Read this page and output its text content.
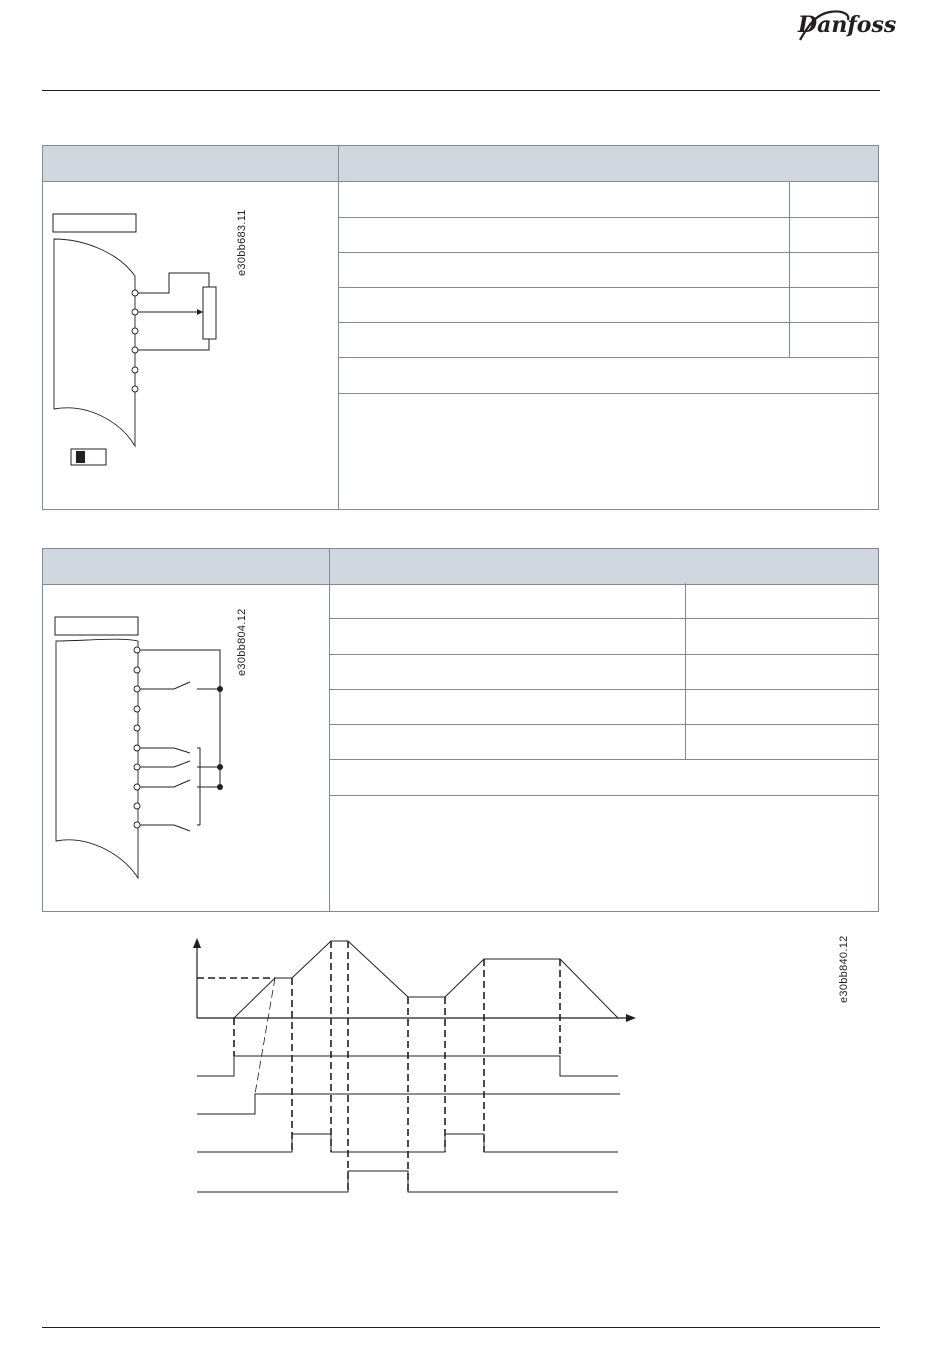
Danfoss
e30bb683.11
e30bb804.12
e30bb840.12
